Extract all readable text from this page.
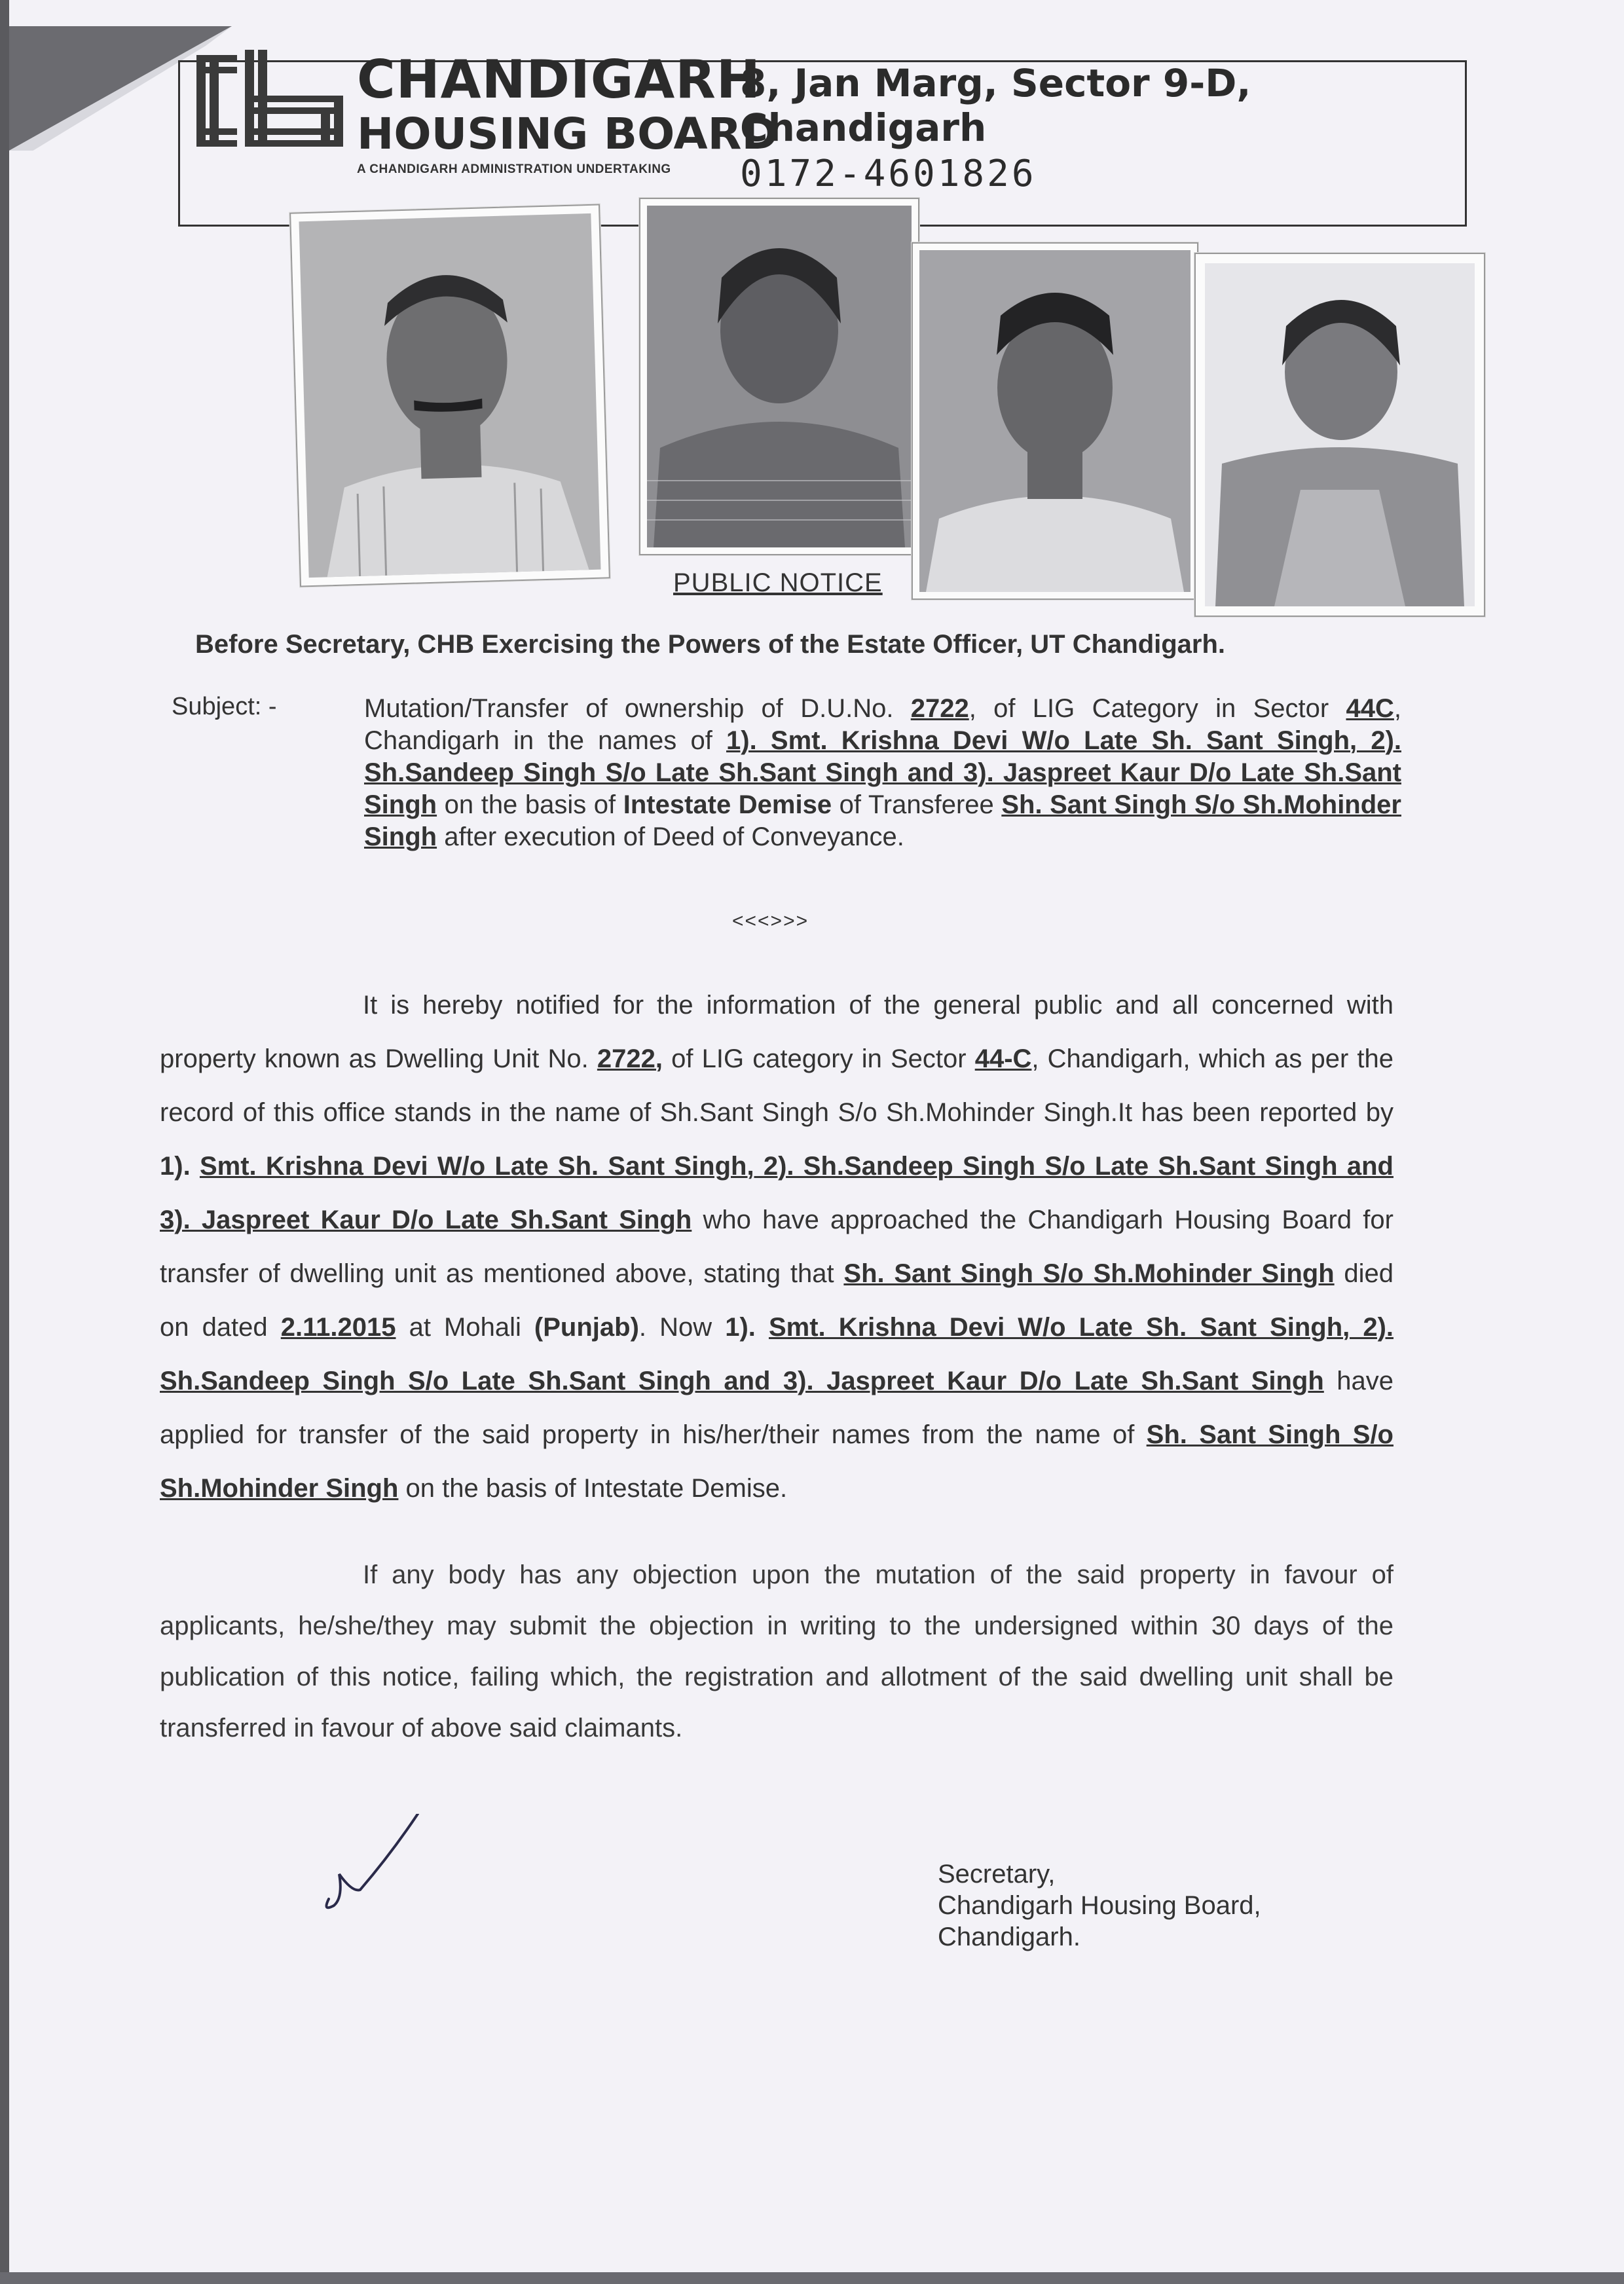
CHANDIGARH
HOUSING BOARD
A CHANDIGARH ADMINISTRATION UNDERTAKING
8, Jan Marg, Sector 9-D,
Chandigarh
0172-4601826
PUBLIC NOTICE
Before Secretary, CHB Exercising the Powers of the Estate Officer, UT Chandigarh.
Subject: -	Mutation/Transfer of ownership of D.U.No. 2722, of LIG Category in Sector 44C, Chandigarh in the names of 1). Smt. Krishna Devi W/o Late Sh. Sant Singh, 2). Sh.Sandeep Singh S/o Late Sh.Sant Singh and 3). Jaspreet Kaur D/o Late Sh.Sant Singh on the basis of Intestate Demise of Transferee Sh. Sant Singh S/o Sh.Mohinder Singh after execution of Deed of Conveyance.
<<<>>>
It is hereby notified for the information of the general public and all concerned with property known as Dwelling Unit No. 2722, of LIG category in Sector 44-C, Chandigarh, which as per the record of this office stands in the name of Sh.Sant Singh S/o Sh.Mohinder Singh.It has been reported by 1). Smt. Krishna Devi W/o Late Sh. Sant Singh, 2). Sh.Sandeep Singh S/o Late Sh.Sant Singh and 3). Jaspreet Kaur D/o Late Sh.Sant Singh who have approached the Chandigarh Housing Board for transfer of dwelling unit as mentioned above, stating that Sh. Sant Singh S/o Sh.Mohinder Singh died on dated 2.11.2015 at Mohali (Punjab). Now 1). Smt. Krishna Devi W/o Late Sh. Sant Singh, 2). Sh.Sandeep Singh S/o Late Sh.Sant Singh and 3). Jaspreet Kaur D/o Late Sh.Sant Singh have applied for transfer of the said property in his/her/their names from the name of Sh. Sant Singh S/o Sh.Mohinder Singh on the basis of Intestate Demise.
If any body has any objection upon the mutation of the said property in favour of applicants, he/she/they may submit the objection in writing to the undersigned within 30 days of the publication of this notice, failing which, the registration and allotment of the said dwelling unit shall be transferred in favour of above said claimants.
Secretary,
Chandigarh Housing Board,
Chandigarh.
